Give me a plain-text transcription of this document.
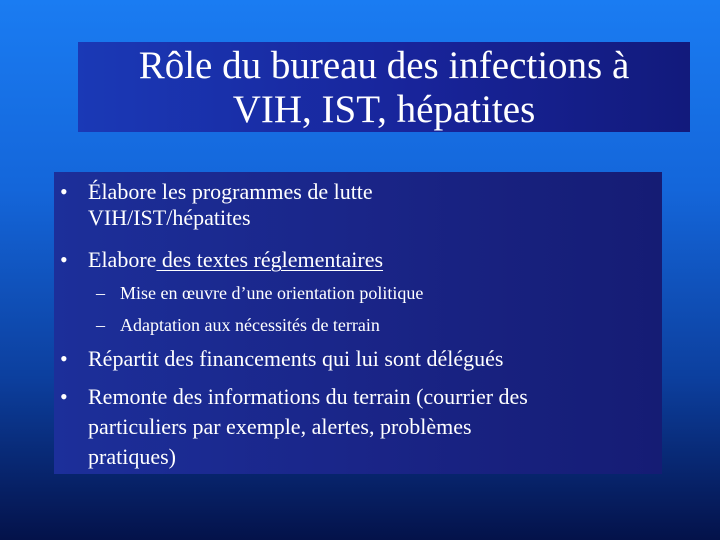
Rôle du bureau des infections à
VIH, IST, hépatites
• Élabore les programmes de lutte
VIH/IST/hépatites
• Elabore des textes réglementaires
– Mise en œuvre d’une orientation politique
– Adaptation aux nécessités de terrain
• Répartit des financements qui lui sont délégués
• Remonte des informations du terrain (courrier des
particuliers par exemple, alertes, problèmes
pratiques)
